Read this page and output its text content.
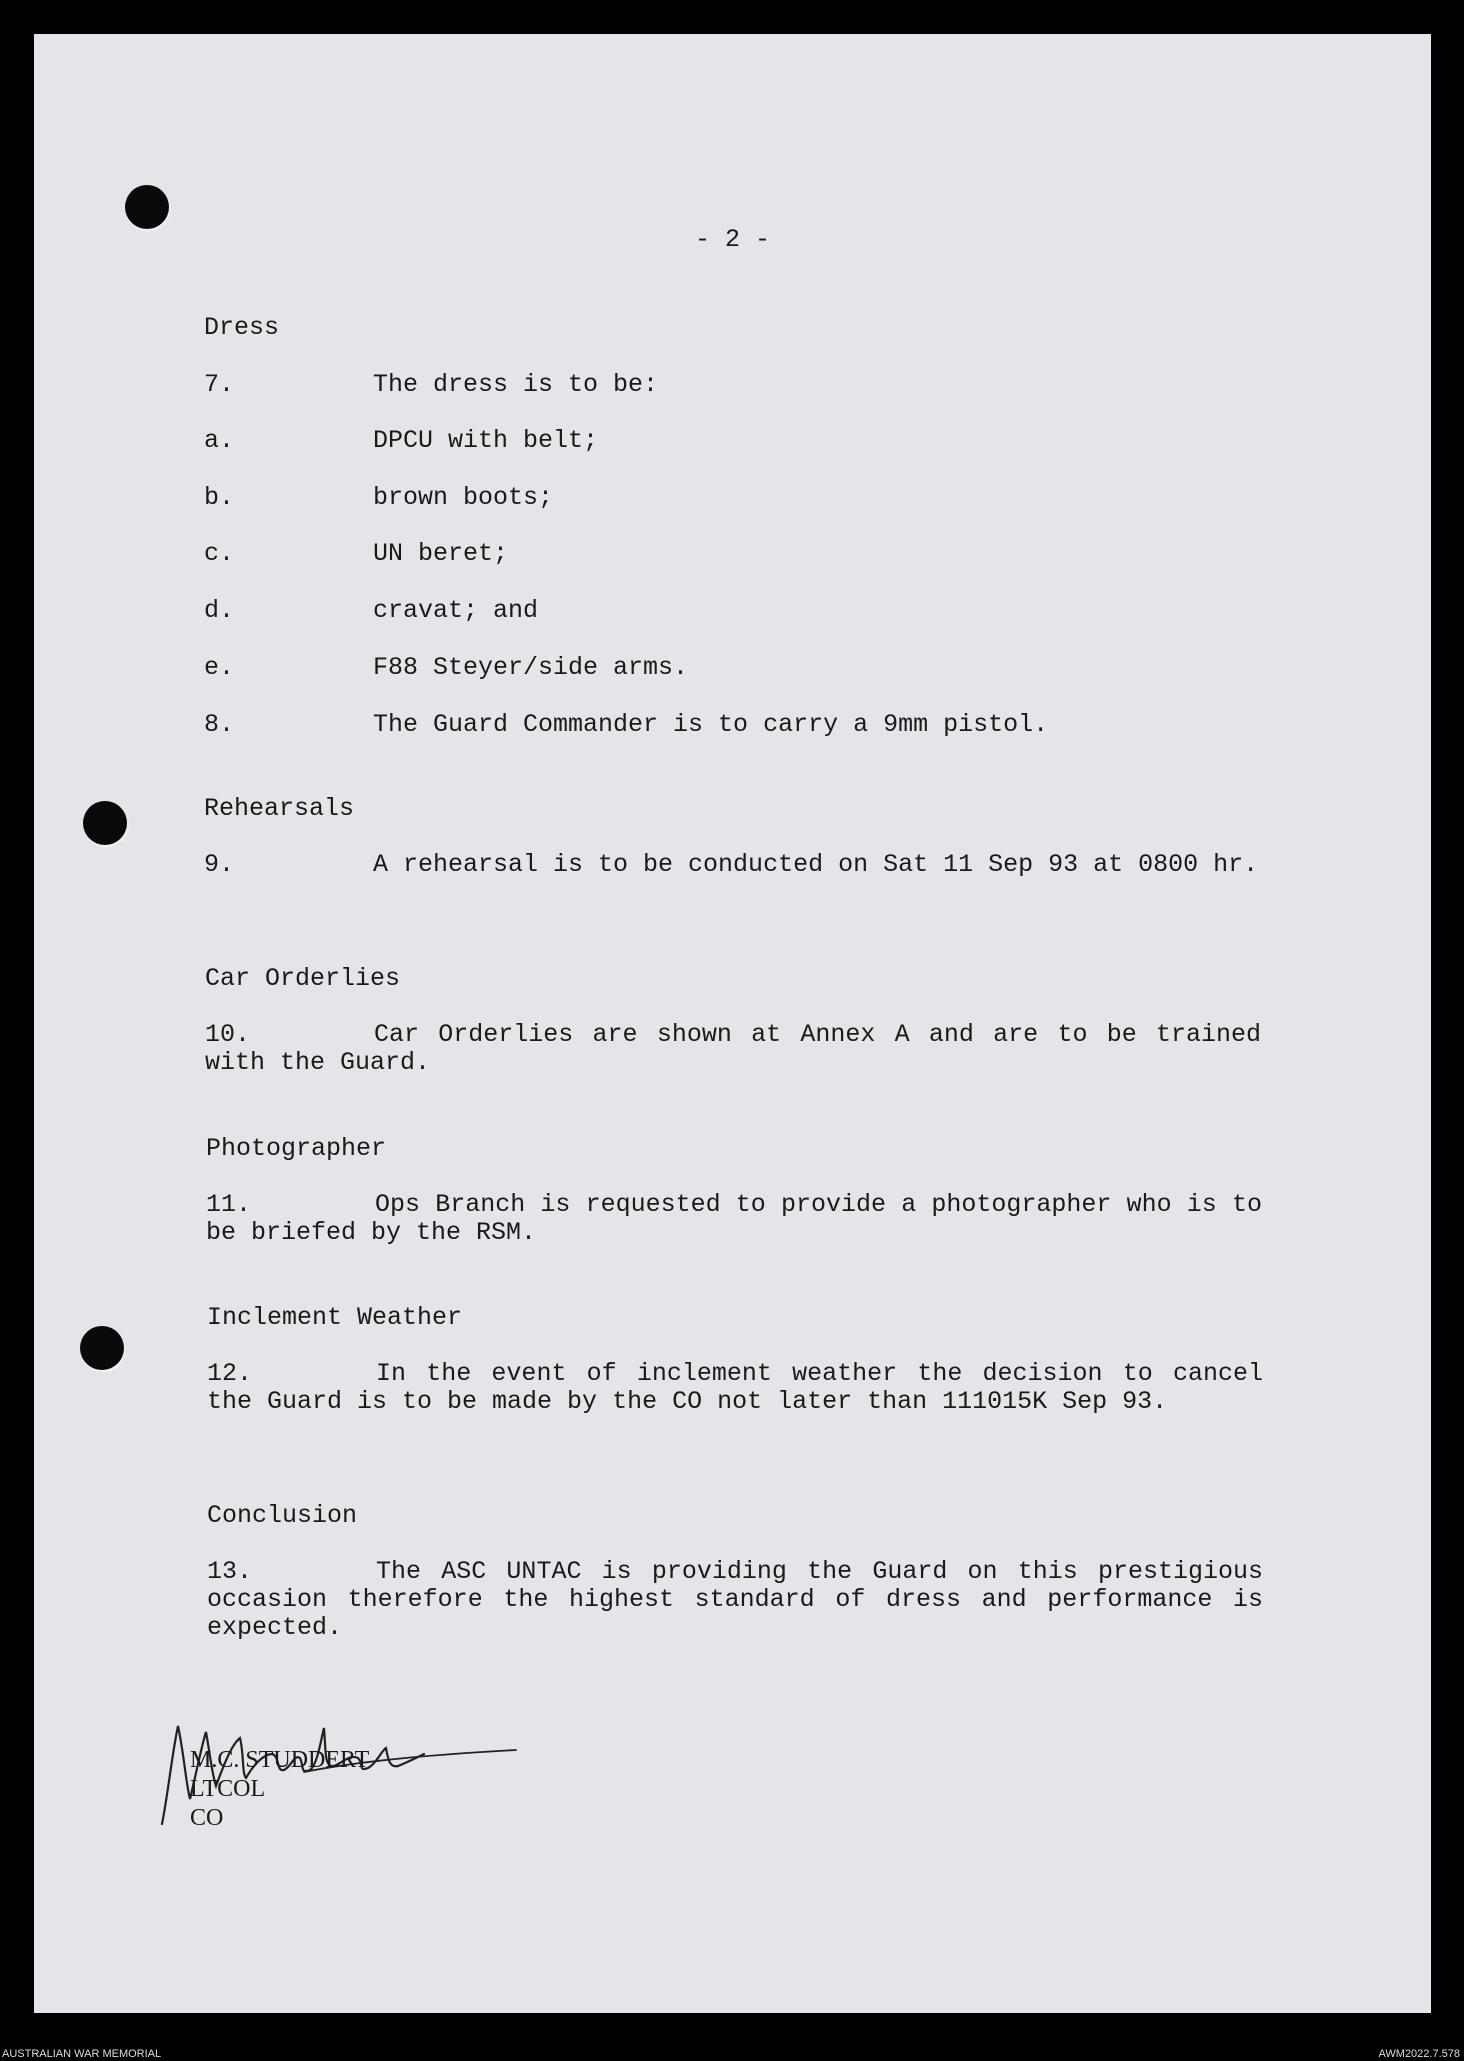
- 2 -
Dress
7.	The dress is to be:
a.	DPCU with belt;
b.	brown boots;
c.	UN beret;
d.	cravat; and
e.	F88 Steyer/side arms.
8.	The Guard Commander is to carry a 9mm pistol.
Rehearsals
9.	A rehearsal is to be conducted on Sat 11 Sep 93 at 0800 hr.
Car Orderlies
10.	Car Orderlies are shown at Annex A and are to be trained with the Guard.
Photographer
11.	Ops Branch is requested to provide a photographer who is to be briefed by the RSM.
Inclement Weather
12.	In the event of inclement weather the decision to cancel the Guard is to be made by the CO not later than 111015K Sep 93.
Conclusion
13.	The ASC UNTAC is providing the Guard on this prestigious occasion therefore the highest standard of dress and performance is expected.
M.C. STUDDERT
LTCOL
CO
AUSTRALIAN WAR MEMORIAL	AWM2022.7.578
